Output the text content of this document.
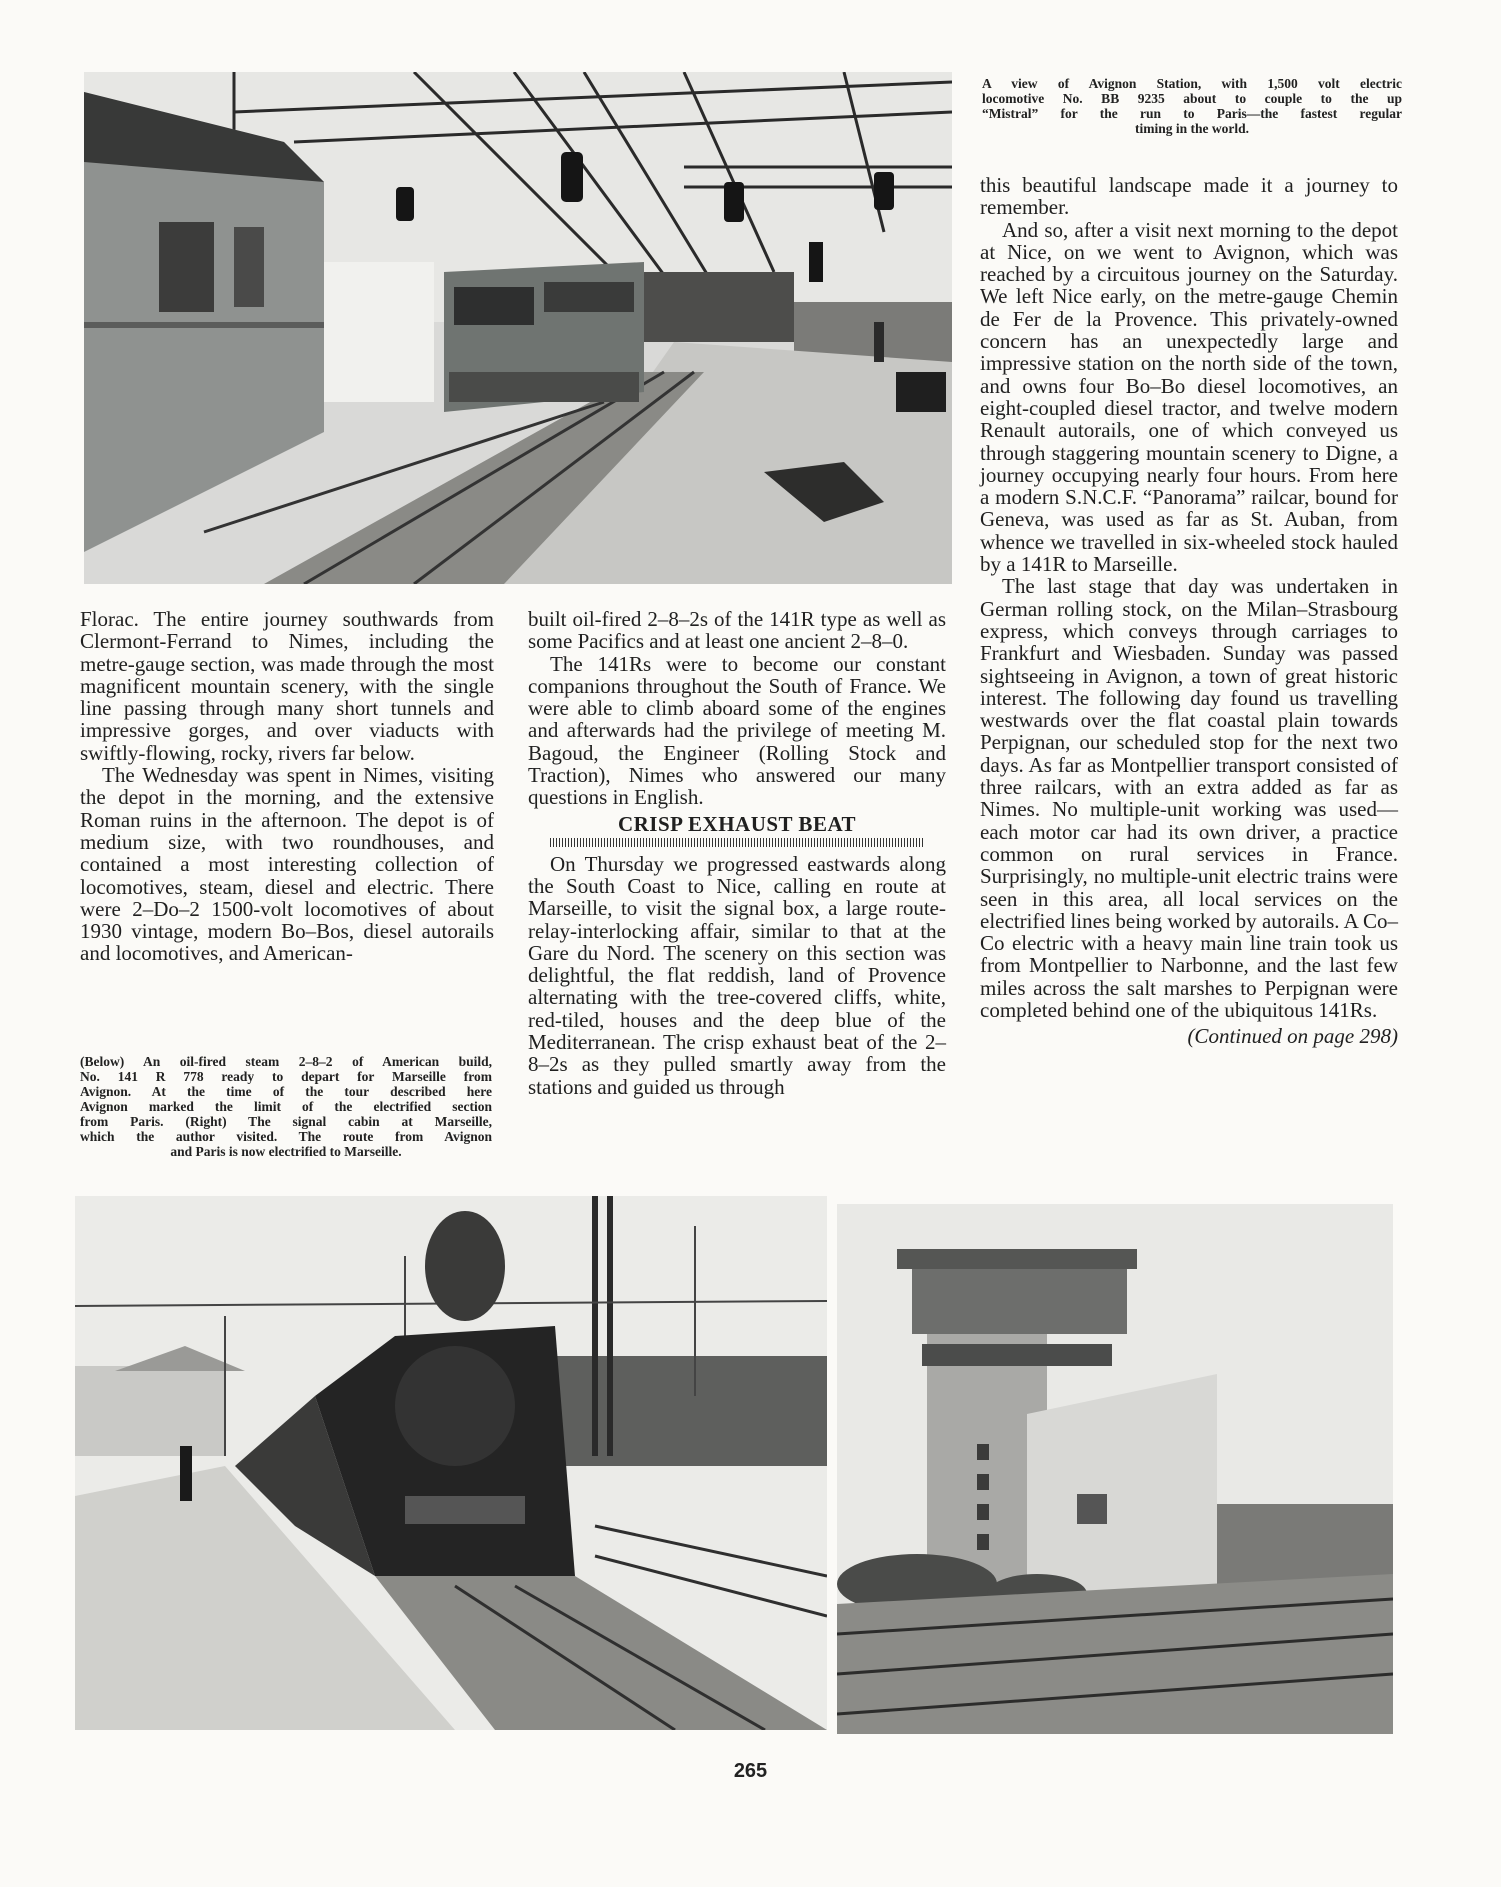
A view of Avignon Station, with 1,500 volt electric
locomotive No. BB 9235 about to couple to the up
“Mistral” for the run to Paris—the fastest regular
timing in the world.

Florac. The entire journey southwards from Clermont-Ferrand to Nimes, including the metre-gauge section, was made through the most magnificent mountain scenery, with the single line passing through many short tunnels and impressive gorges, and over viaducts with swiftly-flowing, rocky, rivers far below.

The Wednesday was spent in Nimes, visiting the depot in the morning, and the extensive Roman ruins in the afternoon. The depot is of medium size, with two roundhouses, and contained a most interesting collection of locomotives, steam, diesel and electric. There were 2–Do–2 1500-volt locomotives of about 1930 vintage, modern Bo–Bos, diesel autorails and locomotives, and American-

(Below) An oil-fired steam 2–8–2 of American build,
No. 141 R 778 ready to depart for Marseille from
Avignon. At the time of the tour described here
Avignon marked the limit of the electrified section
from Paris. (Right) The signal cabin at Marseille,
which the author visited. The route from Avignon
and Paris is now electrified to Marseille.

built oil-fired 2–8–2s of the 141R type as well as some Pacifics and at least one ancient 2–8–0.

The 141Rs were to become our constant companions throughout the South of France. We were able to climb aboard some of the engines and afterwards had the privilege of meeting M. Bagoud, the Engineer (Rolling Stock and Traction), Nimes who answered our many questions in English.

CRISP EXHAUST BEAT

On Thursday we progressed eastwards along the South Coast to Nice, calling en route at Marseille, to visit the signal box, a large route-relay-interlocking affair, similar to that at the Gare du Nord. The scenery on this section was delightful, the flat reddish, land of Provence alternating with the tree-covered cliffs, white, red-tiled, houses and the deep blue of the Mediterranean. The crisp exhaust beat of the 2–8–2s as they pulled smartly away from the stations and guided us through

this beautiful landscape made it a journey to remember.

And so, after a visit next morning to the depot at Nice, on we went to Avignon, which was reached by a circuitous journey on the Saturday. We left Nice early, on the metre-gauge Chemin de Fer de la Provence. This privately-owned concern has an unexpectedly large and impressive station on the north side of the town, and owns four Bo–Bo diesel locomotives, an eight-coupled diesel tractor, and twelve modern Renault autorails, one of which conveyed us through staggering mountain scenery to Digne, a journey occupying nearly four hours. From here a modern S.N.C.F. “Panorama” railcar, bound for Geneva, was used as far as St. Auban, from whence we travelled in six-wheeled stock hauled by a 141R to Marseille.

The last stage that day was undertaken in German rolling stock, on the Milan–Strasbourg express, which conveys through carriages to Frankfurt and Wiesbaden. Sunday was passed sightseeing in Avignon, a town of great historic interest. The following day found us travelling westwards over the flat coastal plain towards Perpignan, our scheduled stop for the next two days. As far as Montpellier transport consisted of three railcars, with an extra added as far as Nimes. No multiple-unit working was used—each motor car had its own driver, a practice common on rural services in France. Surprisingly, no multiple-unit electric trains were seen in this area, all local services on the electrified lines being worked by autorails. A Co–Co electric with a heavy main line train took us from Montpellier to Narbonne, and the last few miles across the salt marshes to Perpignan were completed behind one of the ubiquitous 141Rs.

(Continued on page 298)
265
